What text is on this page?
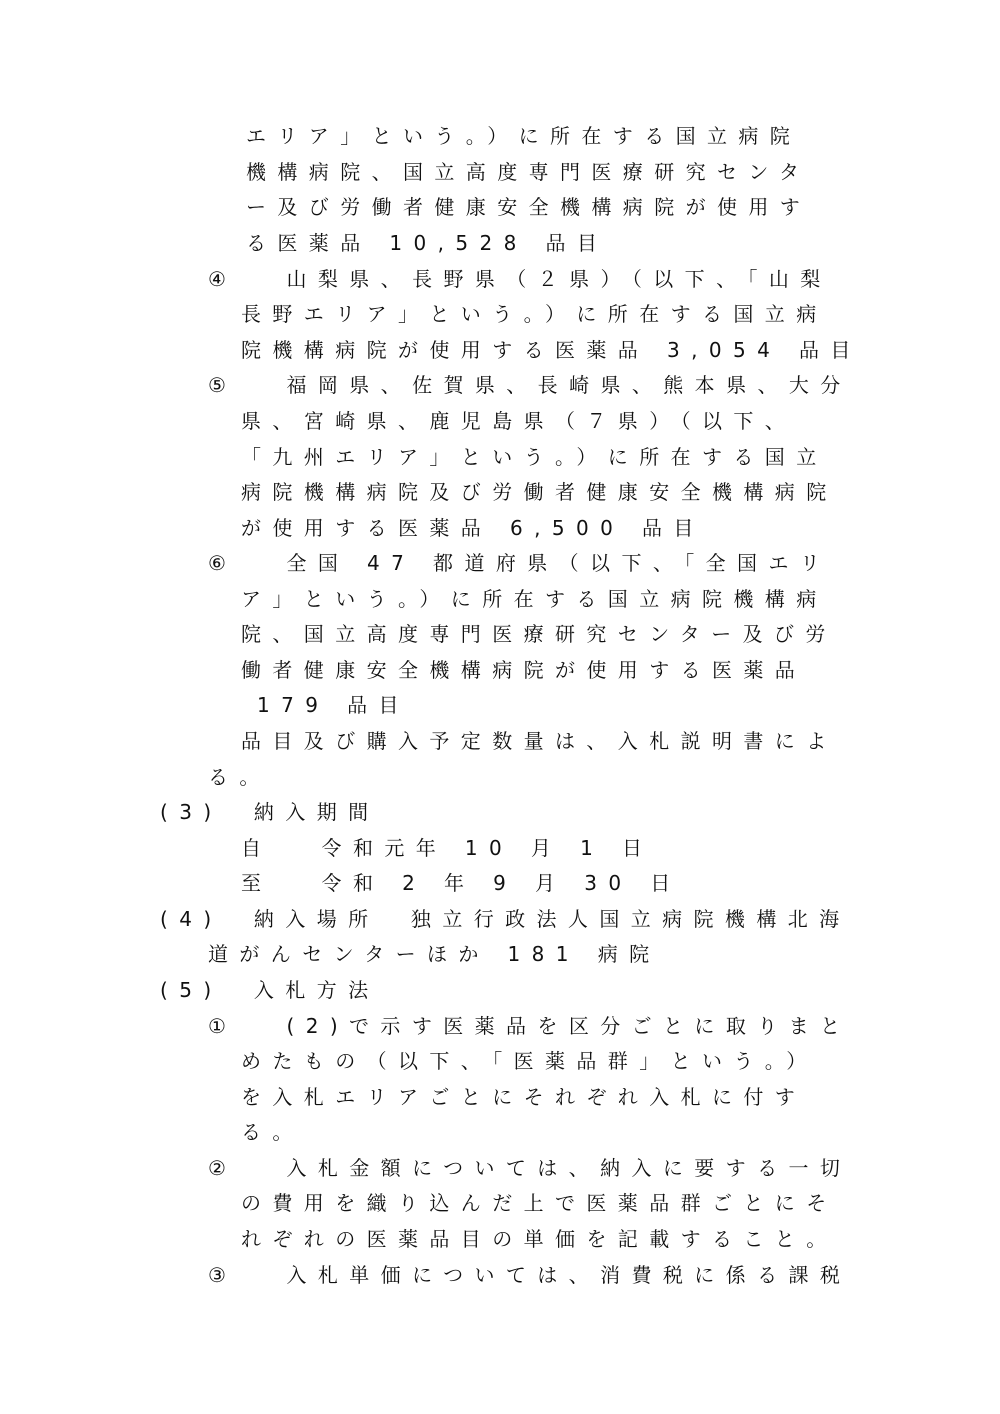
エリア」という。）に所在する国立病院
機構病院、国立高度専門医療研究センタ
ー及び労働者健康安全機構病院が使用す
る医薬品 10,528 品目
④　 山梨県、長野県（２県）（以下、「山梨
長野エリア」という。）に所在する国立病
院機構病院が使用する医薬品 3,054 品目
⑤　 福岡県、佐賀県、長崎県、熊本県、大分
県、宮崎県、鹿児島県（７県）（以下、
「九州エリア」という。）に所在する国立
病院機構病院及び労働者健康安全機構病院
が使用する医薬品 6,500 品目
⑥　 全国 47 都道府県（以下、「全国エリ
ア」という。）に所在する国立病院機構病
院、国立高度専門医療研究センター及び労
働者健康安全機構病院が使用する医薬品
179 品目
品目及び購入予定数量は、入札説明書によ
る。
(3)　納入期間
自　 令和元年 10 月 1 日
至　 令和 2 年 9 月 30 日
(4)　納入場所　独立行政法人国立病院機構北海
道がんセンターほか 181 病院
(5)　入札方法
①　 (2)で示す医薬品を区分ごとに取りまと
めたもの（以下、「医薬品群」という。）
を入札エリアごとにそれぞれ入札に付す
る。
②　 入札金額については、納入に要する一切
の費用を織り込んだ上で医薬品群ごとにそ
れぞれの医薬品目の単価を記載すること。
③　 入札単価については、消費税に係る課税
